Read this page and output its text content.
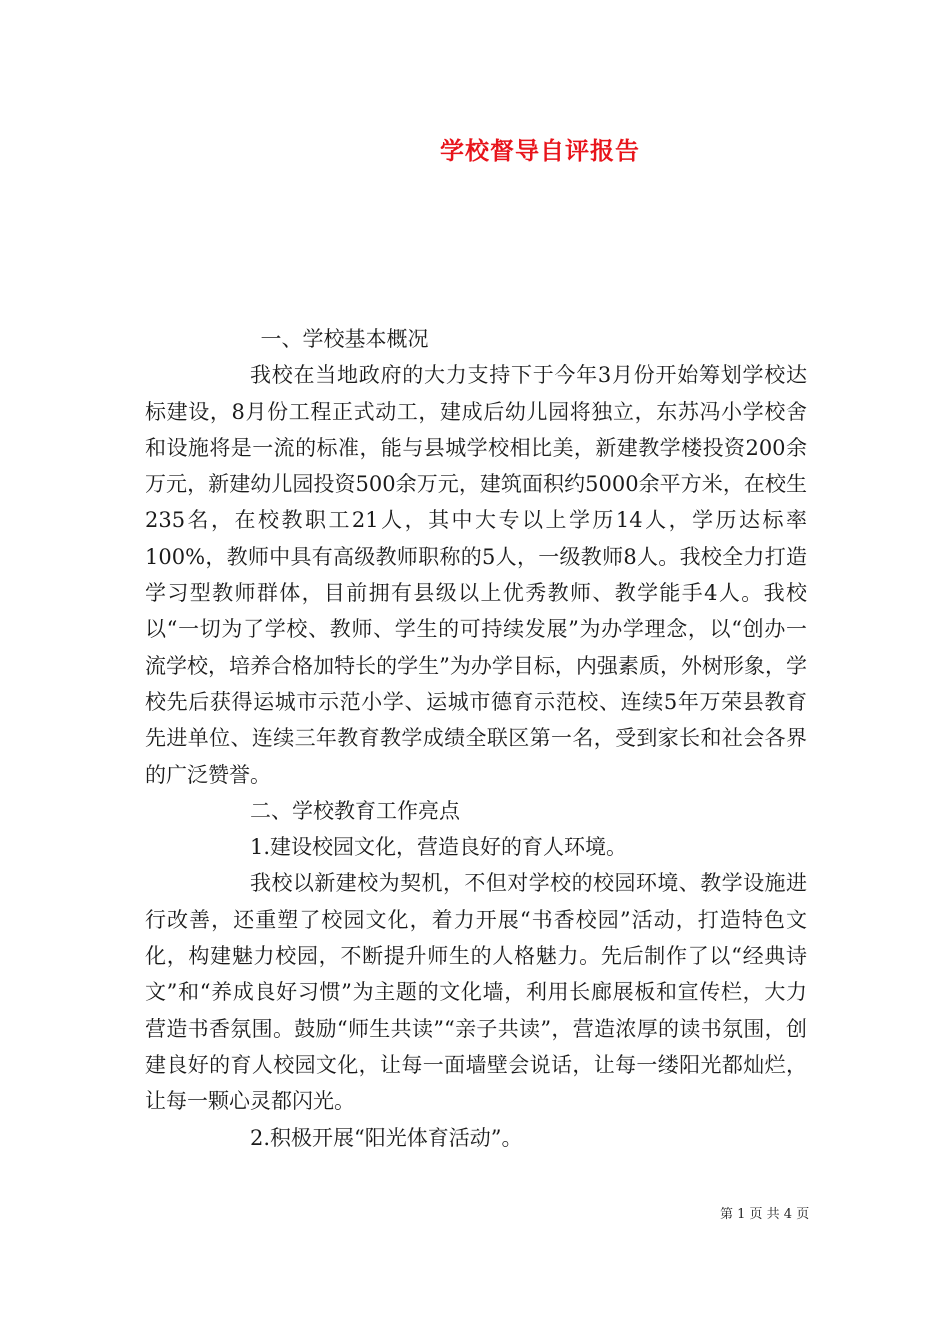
学校督导自评报告

一、学校基本概况

我校在当地政府的大力支持下于今年3月份开始筹划学校达标建设，8月份工程正式动工，建成后幼儿园将独立，东苏冯小学校舍和设施将是一流的标准，能与县城学校相比美，新建教学楼投资200余万元，新建幼儿园投资500余万元，建筑面积约5000余平方米，在校生235名，在校教职工21人，其中大专以上学历14人，学历达标率100%，教师中具有高级教师职称的5人，一级教师8人。我校全力打造学习型教师群体，目前拥有县级以上优秀教师、教学能手4人。我校以“一切为了学校、教师、学生的可持续发展”为办学理念，以“创办一流学校，培养合格加特长的学生”为办学目标，内强素质，外树形象，学校先后获得运城市示范小学、运城市德育示范校、连续5年万荣县教育先进单位、连续三年教育教学成绩全联区第一名，受到家长和社会各界的广泛赞誉。

二、学校教育工作亮点

1.建设校园文化，营造良好的育人环境。

我校以新建校为契机，不但对学校的校园环境、教学设施进行改善，还重塑了校园文化，着力开展“书香校园”活动，打造特色文化，构建魅力校园，不断提升师生的人格魅力。先后制作了以“经典诗文”和“养成良好习惯”为主题的文化墙，利用长廊展板和宣传栏，大力营造书香氛围。鼓励“师生共读”“亲子共读”，营造浓厚的读书氛围，创建良好的育人校园文化，让每一面墙壁会说话，让每一缕阳光都灿烂，让每一颗心灵都闪光。

2.积极开展“阳光体育活动”。

第 1 页 共 4 页
